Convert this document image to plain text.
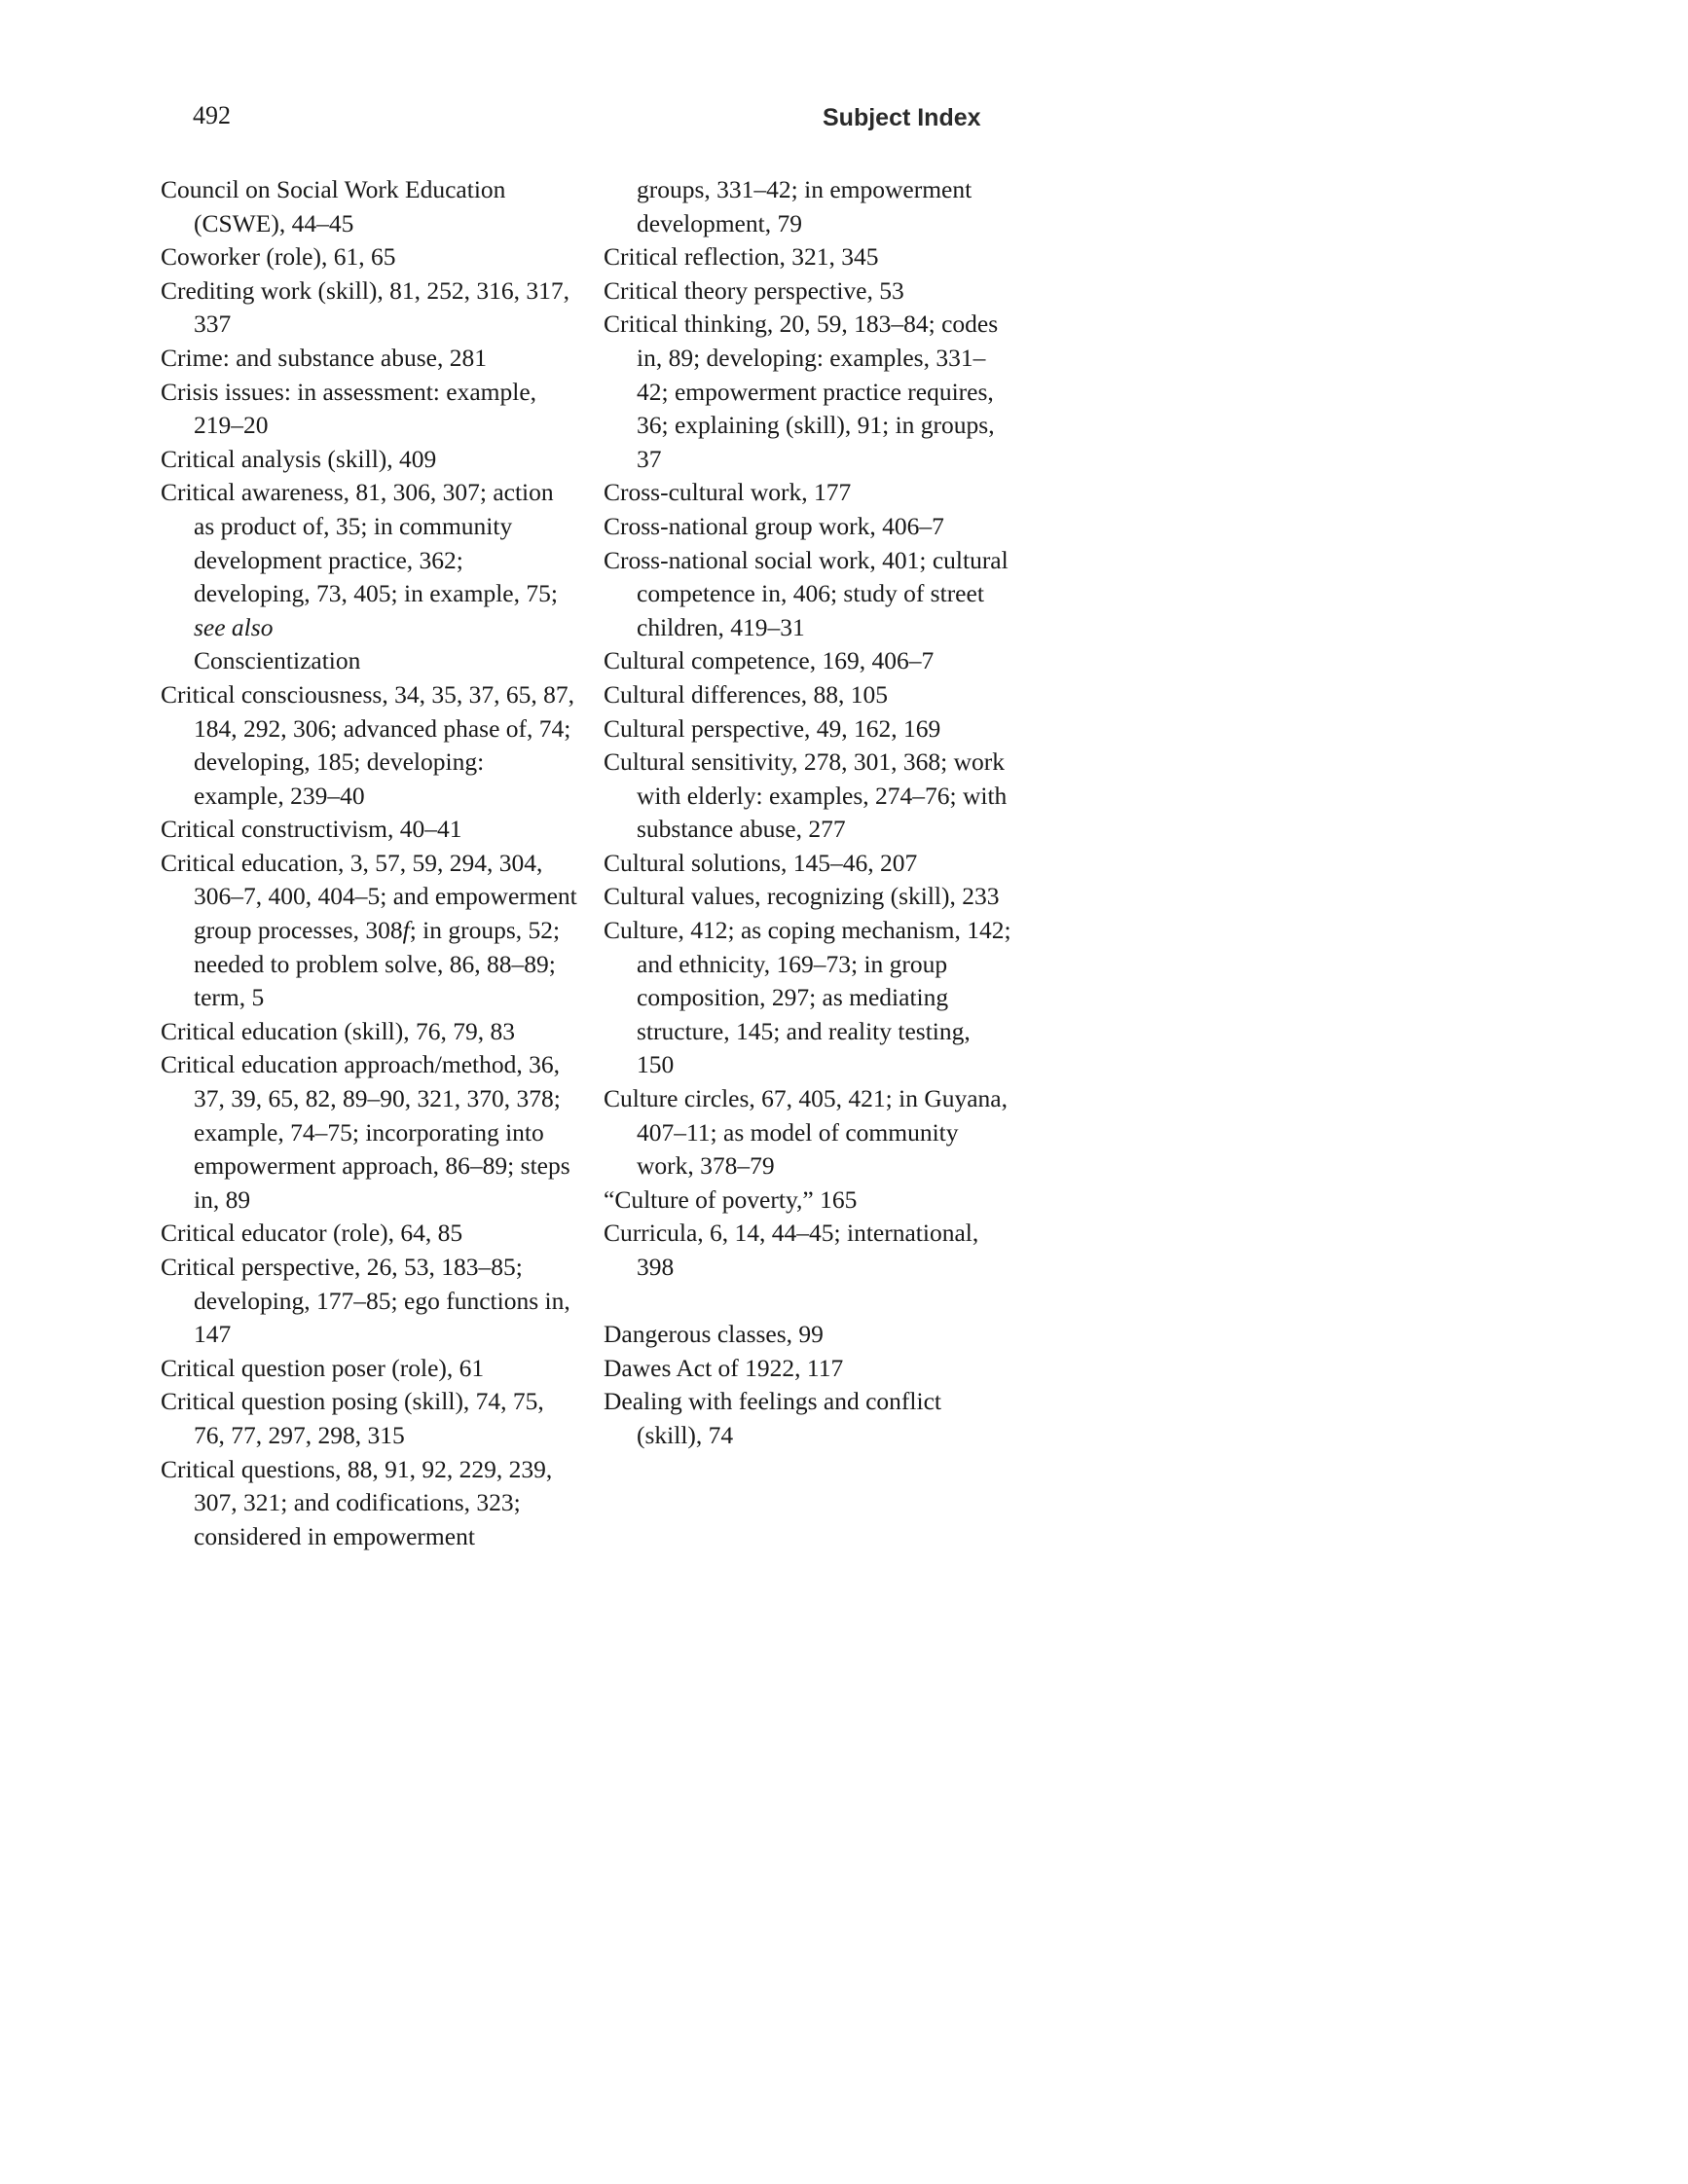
492	Subject Index

Council on Social Work Education (CSWE), 44–45

Coworker (role), 61, 65

Crediting work (skill), 81, 252, 316, 317, 337

Crime: and substance abuse, 281

Crisis issues: in assessment: example, 219–20

Critical analysis (skill), 409

Critical awareness, 81, 306, 307; action as product of, 35; in community development practice, 362; developing, 73, 405; in example, 75; see also
Conscientization

Critical consciousness, 34, 35, 37, 65, 87, 184, 292, 306; advanced phase of, 74; developing, 185; developing: example, 239–40

Critical constructivism, 40–41

Critical education, 3, 57, 59, 294, 304, 306–7, 400, 404–5; and empowerment group processes, 308f; in groups, 52; needed to problem solve, 86, 88–89; term, 5

Critical education (skill), 76, 79, 83

Critical education approach/method, 36, 37, 39, 65, 82, 89–90, 321, 370, 378; example, 74–75; incorporating into empowerment approach, 86–89; steps in, 89

Critical educator (role), 64, 85

Critical perspective, 26, 53, 183–85; developing, 177–85; ego functions in, 147

Critical question poser (role), 61

Critical question posing (skill), 74, 75, 76, 77, 297, 298, 315

Critical questions, 88, 91, 92, 229, 239, 307, 321; and codifications, 323; considered in empowerment

groups, 331–42; in empowerment development, 79

Critical reflection, 321, 345

Critical theory perspective, 53

Critical thinking, 20, 59, 183–84; codes in, 89; developing: examples, 331–42; empowerment practice requires, 36; explaining (skill), 91; in groups, 37

Cross-cultural work, 177

Cross-national group work, 406–7

Cross-national social work, 401; cultural competence in, 406; study of street children, 419–31

Cultural competence, 169, 406–7

Cultural differences, 88, 105

Cultural perspective, 49, 162, 169

Cultural sensitivity, 278, 301, 368; work with elderly: examples, 274–76; with substance abuse, 277

Cultural solutions, 145–46, 207

Cultural values, recognizing (skill), 233

Culture, 412; as coping mechanism, 142; and ethnicity, 169–73; in group composition, 297; as mediating structure, 145; and reality testing, 150

Culture circles, 67, 405, 421; in Guyana, 407–11; as model of community work, 378–79

“Culture of poverty,” 165

Curricula, 6, 14, 44–45; international, 398

Dangerous classes, 99

Dawes Act of 1922, 117

Dealing with feelings and conflict (skill), 74
